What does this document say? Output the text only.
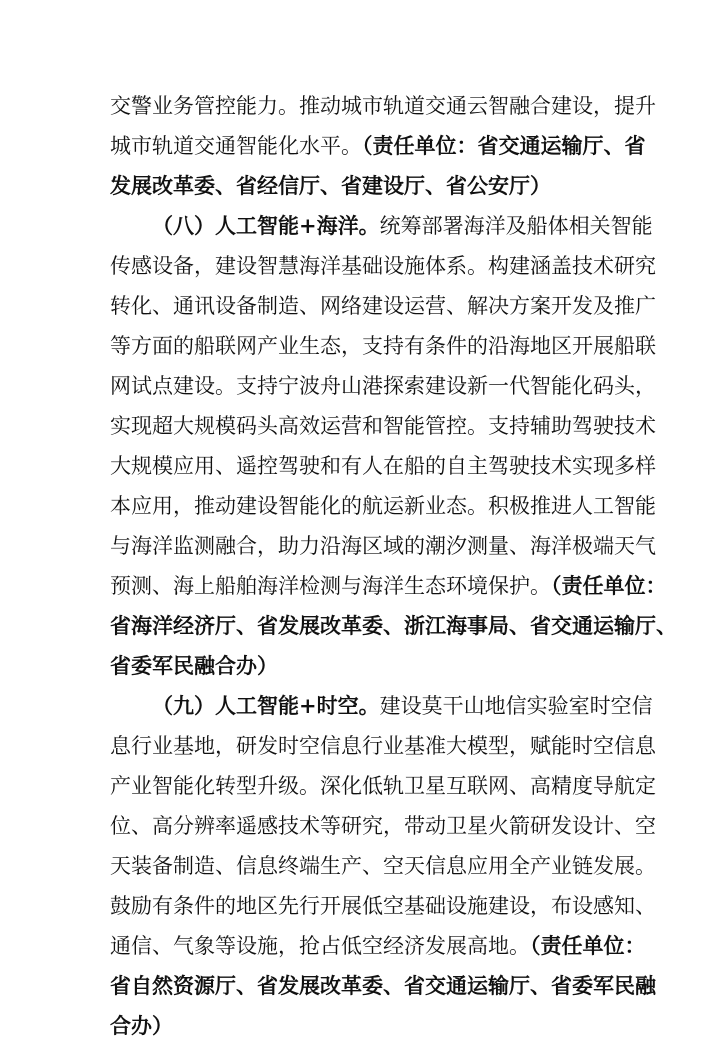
交警业务管控能力。推动城市轨道交通云智融合建设，提升
城市轨道交通智能化水平。（责任单位：省交通运输厅、省
发展改革委、省经信厅、省建设厅、省公安厅）
（八）人工智能+海洋。统筹部署海洋及船体相关智能
传感设备，建设智慧海洋基础设施体系。构建涵盖技术研究
转化、通讯设备制造、网络建设运营、解决方案开发及推广
等方面的船联网产业生态，支持有条件的沿海地区开展船联
网试点建设。支持宁波舟山港探索建设新一代智能化码头，
实现超大规模码头高效运营和智能管控。支持辅助驾驶技术
大规模应用、遥控驾驶和有人在船的自主驾驶技术实现多样
本应用，推动建设智能化的航运新业态。积极推进人工智能
与海洋监测融合，助力沿海区域的潮汐测量、海洋极端天气
预测、海上船舶海洋检测与海洋生态环境保护。（责任单位：
省海洋经济厅、省发展改革委、浙江海事局、省交通运输厅、
省委军民融合办）
（九）人工智能+时空。建设莫干山地信实验室时空信
息行业基地，研发时空信息行业基准大模型，赋能时空信息
产业智能化转型升级。深化低轨卫星互联网、高精度导航定
位、高分辨率遥感技术等研究，带动卫星火箭研发设计、空
天装备制造、信息终端生产、空天信息应用全产业链发展。
鼓励有条件的地区先行开展低空基础设施建设，布设感知、
通信、气象等设施，抢占低空经济发展高地。（责任单位：
省自然资源厅、省发展改革委、省交通运输厅、省委军民融
合办）
